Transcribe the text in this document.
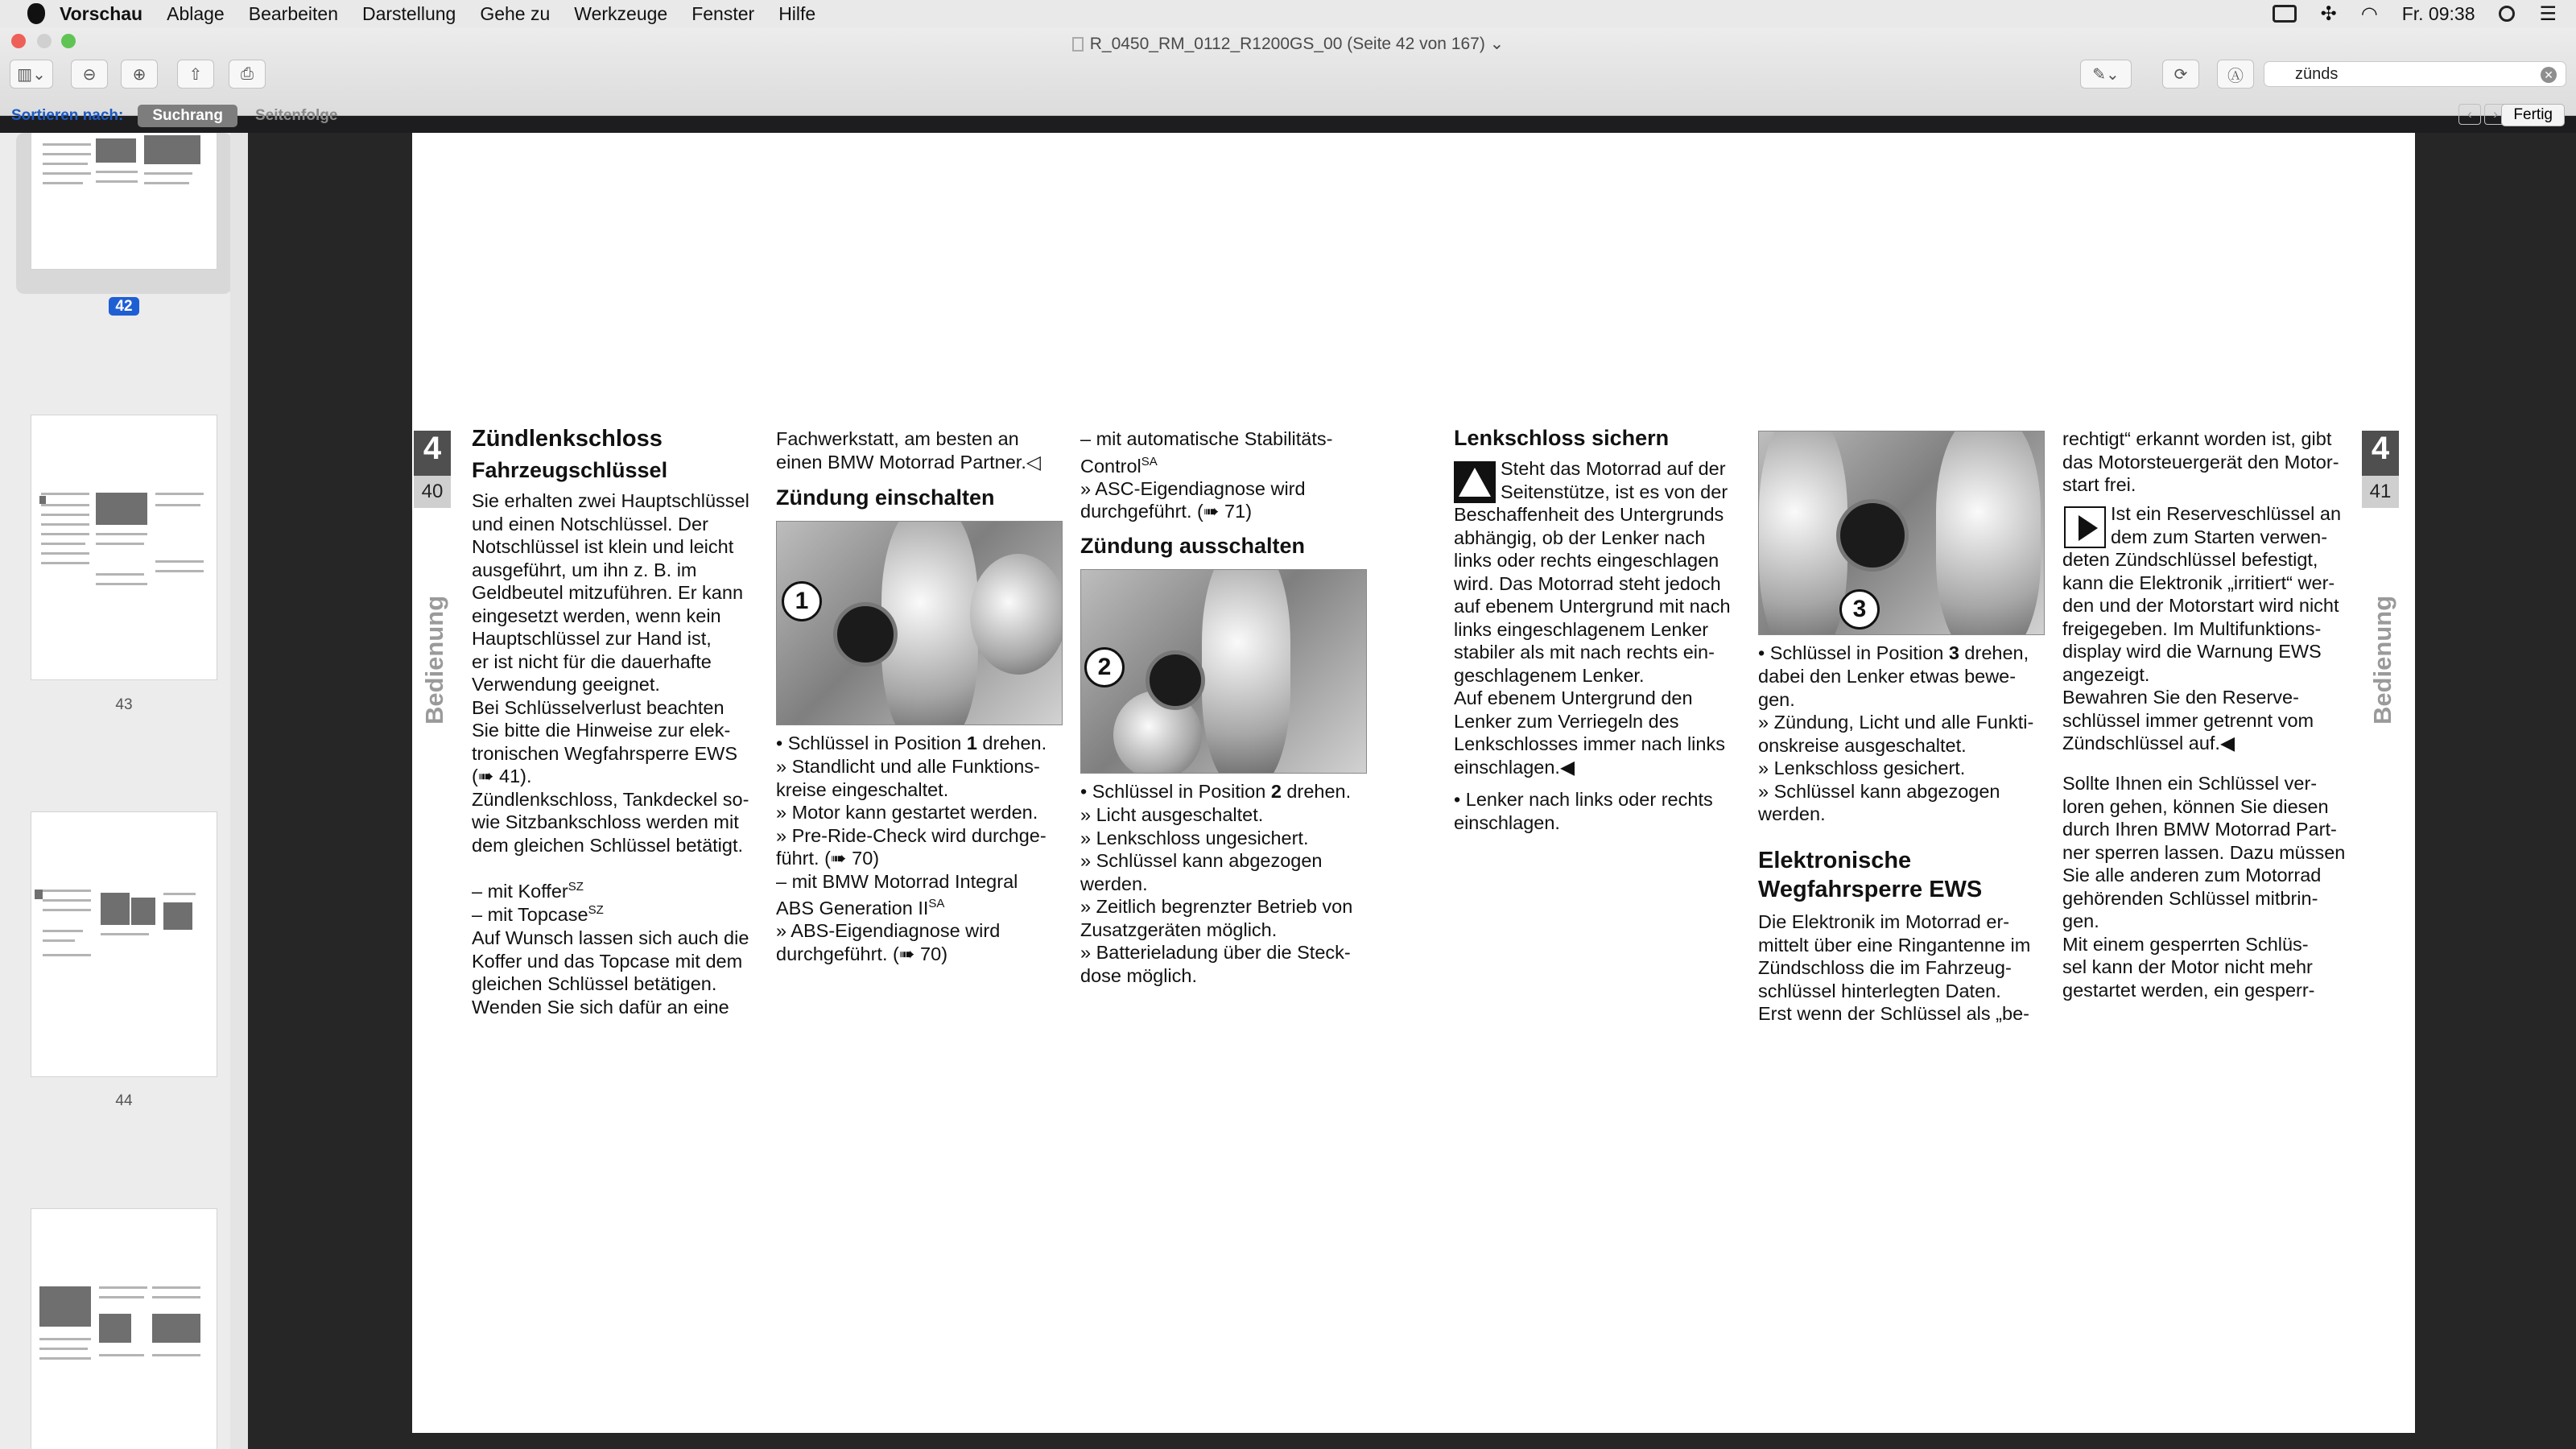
Vorschau Ablage Bearbeiten Darstellung Gehe zu Werkzeuge Fenster Hilfe	✣ ◠ Fr. 09:38	☰
R_0450_RM_0112_R1200GS_00 (Seite 42 von 167) ⌄
▥⌄	⊖	⊕	⇧	⎙	✎⌄	⟳	Ⓐ
zünds	✕
Sortieren nach:	Suchrang	Seitenfolge	‹	›	Fertig
42
43
44
4
40
Bedienung
Zündlenkschloss
Fahrzeugschlüssel
Sie erhalten zwei Hauptschlüssel
und einen Notschlüssel. Der
Notschlüssel ist klein und leicht
ausgeführt, um ihn z. B. im
Geldbeutel mitzuführen. Er kann
eingesetzt werden, wenn kein
Hauptschlüssel zur Hand ist,
er ist nicht für die dauerhafte
Verwendung geeignet.
Bei Schlüsselverlust beachten
Sie bitte die Hinweise zur elek-
tronischen Wegfahrsperre EWS
(➠ 41).
Zündlenkschloss, Tankdeckel so-
wie Sitzbankschloss werden mit
dem gleichen Schlüssel betätigt.
– mit Koffer$^{SZ}$
– mit Topcase$^{SZ}$
Auf Wunsch lassen sich auch die
Koffer und das Topcase mit dem
gleichen Schlüssel betätigen.
Wenden Sie sich dafür an eine
Fachwerkstatt, am besten an
einen BMW Motorrad Partner.◁
Zündung einschalten
1
• Schlüssel in Position 1 drehen.
» Standlicht und alle Funktions-
kreise eingeschaltet.
» Motor kann gestartet werden.
» Pre-Ride-Check wird durchge-
führt. (➠ 70)
– mit BMW Motorrad Integral
ABS Generation $II^{SA}$
» ABS-Eigendiagnose wird
durchgeführt. (➠ 70)
– mit automatische Stabilitäts-
Control$^{SA}$
» ASC-Eigendiagnose wird
durchgeführt. (➠ 71)
Zündung ausschalten
2
• Schlüssel in Position 2 drehen.
» Licht ausgeschaltet.
» Lenkschloss ungesichert.
» Schlüssel kann abgezogen
werden.
» Zeitlich begrenzter Betrieb von
Zusatzgeräten möglich.
» Batterieladung über die Steck-
dose möglich.
Lenkschloss sichern
Steht das Motorrad auf der
Seitenstütze, ist es von der
Beschaffenheit des Untergrunds
abhängig, ob der Lenker nach
links oder rechts eingeschlagen
wird. Das Motorrad steht jedoch
auf ebenem Untergrund mit nach
links eingeschlagenem Lenker
stabiler als mit nach rechts ein-
geschlagenem Lenker.
Auf ebenem Untergrund den
Lenker zum Verriegeln des
Lenkschlosses immer nach links
einschlagen.◀
• Lenker nach links oder rechts
einschlagen.
3
• Schlüssel in Position 3 drehen,
dabei den Lenker etwas bewe-
gen.
» Zündung, Licht und alle Funkti-
onskreise ausgeschaltet.
» Lenkschloss gesichert.
» Schlüssel kann abgezogen
werden.
Elektronische
Wegfahrsperre EWS
Die Elektronik im Motorrad er-
mittelt über eine Ringantenne im
Zündschloss die im Fahrzeug-
schlüssel hinterlegten Daten.
Erst wenn der Schlüssel als „be-
rechtigt“ erkannt worden ist, gibt
das Motorsteuergerät den Motor-
start frei.
Ist ein Reserveschlüssel an
dem zum Starten verwen-
deten Zündschlüssel befestigt,
kann die Elektronik „irritiert“ wer-
den und der Motorstart wird nicht
freigegeben. Im Multifunktions-
display wird die Warnung EWS
angezeigt.
Bewahren Sie den Reserve-
schlüssel immer getrennt vom
Zündschlüssel auf.◀
Sollte Ihnen ein Schlüssel ver-
loren gehen, können Sie diesen
durch Ihren BMW Motorrad Part-
ner sperren lassen. Dazu müssen
Sie alle anderen zum Motorrad
gehörenden Schlüssel mitbrin-
gen.
Mit einem gesperrten Schlüs-
sel kann der Motor nicht mehr
gestartet werden, ein gesperr-
4
41
Bedienung
